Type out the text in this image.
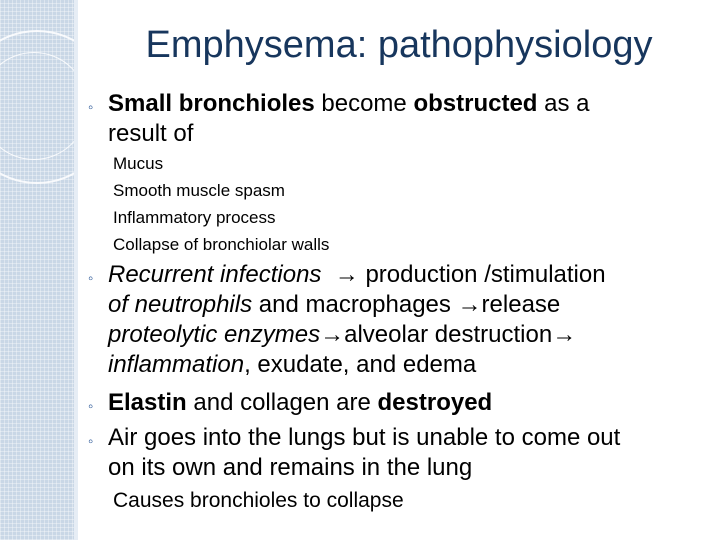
Emphysema: pathophysiology
◦ Small bronchioles become obstructed as a
result of
Mucus
Smooth muscle spasm
Inflammatory process
Collapse of bronchiolar walls
◦ Recurrent infections  → production /stimulation
of neutrophils and macrophages →release
proteolytic enzymes→alveolar destruction→
inflammation, exudate, and edema
◦ Elastin and collagen are destroyed
◦ Air goes into the lungs but is unable to come out
on its own and remains in the lung
Causes bronchioles to collapse
